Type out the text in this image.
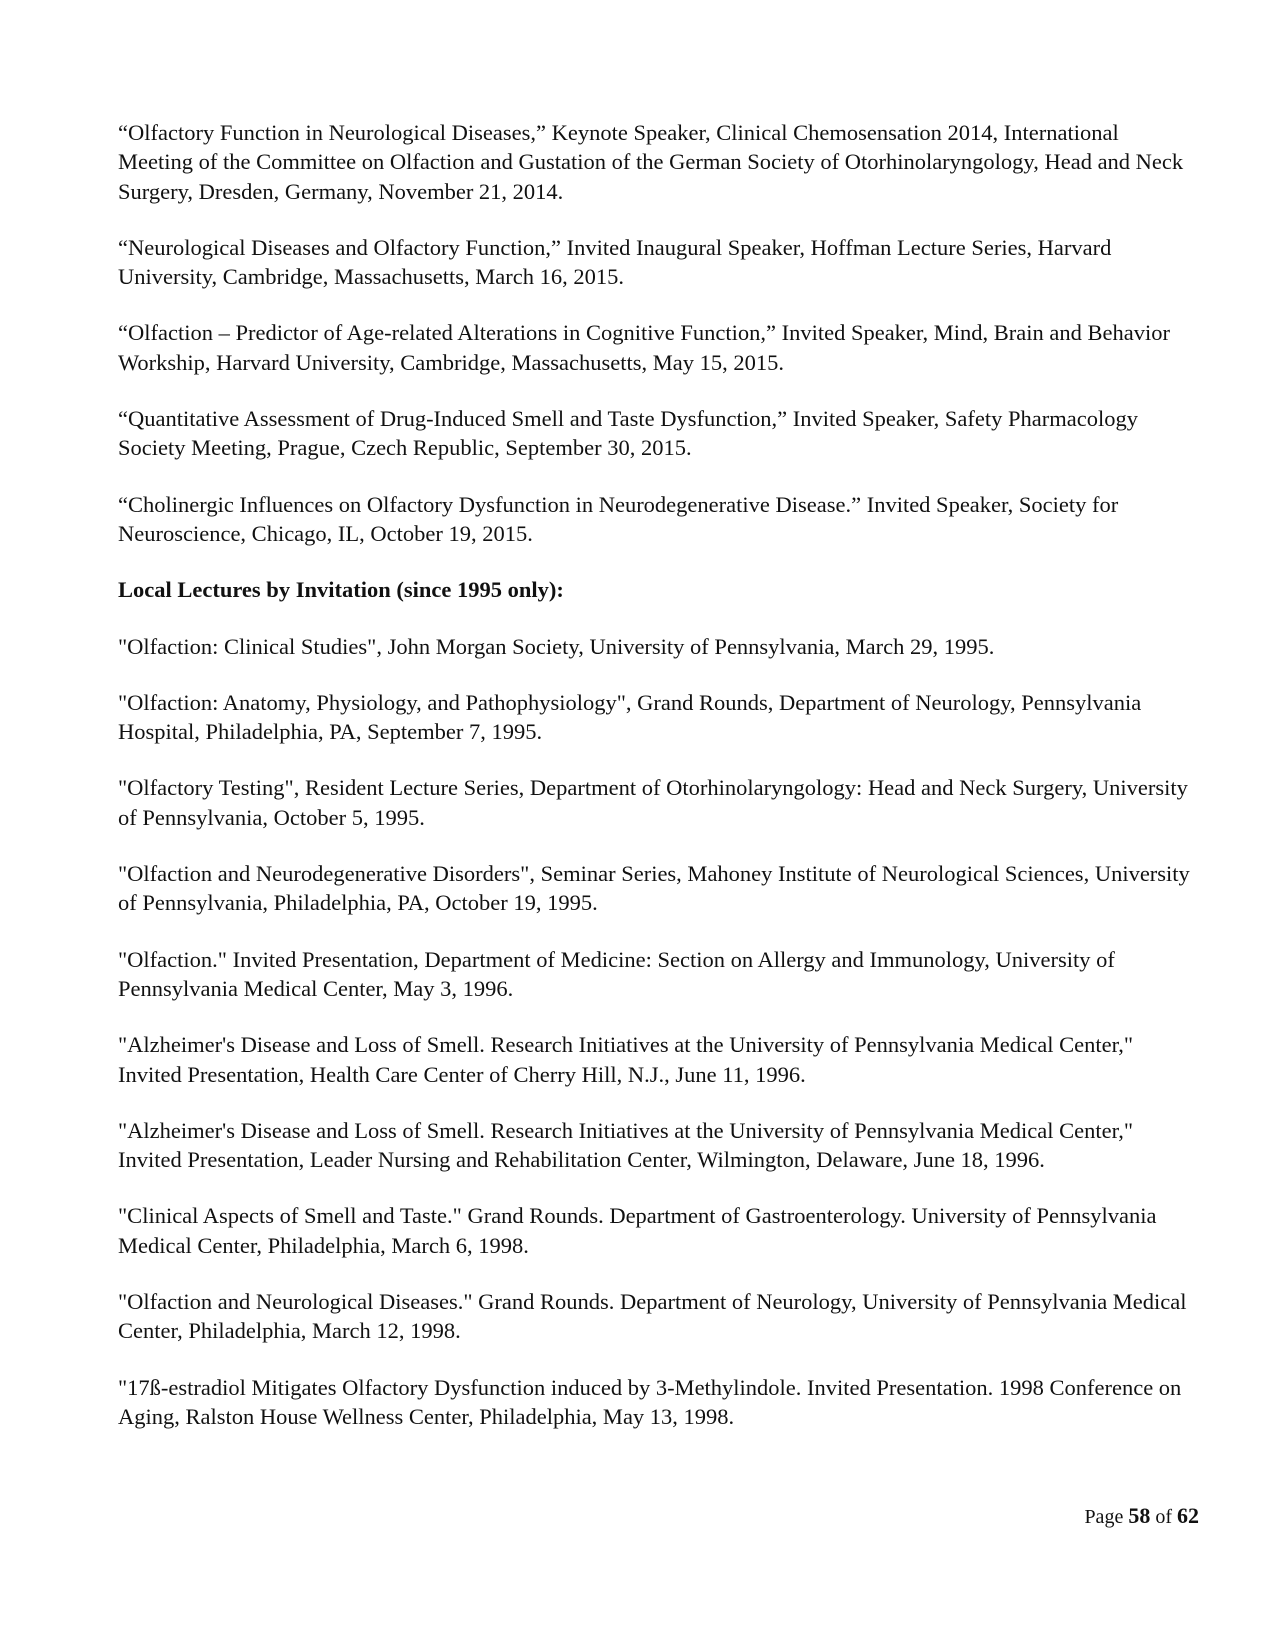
“Olfactory Function in Neurological Diseases,” Keynote Speaker, Clinical Chemosensation 2014, International Meeting of the Committee on Olfaction and Gustation of the German Society of Otorhinolaryngology, Head and Neck Surgery, Dresden, Germany, November 21, 2014.

“Neurological Diseases and Olfactory Function,” Invited Inaugural Speaker, Hoffman Lecture Series, Harvard University, Cambridge, Massachusetts, March 16, 2015.

“Olfaction – Predictor of Age-related Alterations in Cognitive Function,” Invited Speaker, Mind, Brain and Behavior Workship, Harvard University, Cambridge, Massachusetts, May 15, 2015.

“Quantitative Assessment of Drug-Induced Smell and Taste Dysfunction,” Invited Speaker, Safety Pharmacology Society Meeting, Prague, Czech Republic, September 30, 2015.

“Cholinergic Influences on Olfactory Dysfunction in Neurodegenerative Disease.” Invited Speaker, Society for Neuroscience, Chicago, IL, October 19, 2015.

Local Lectures by Invitation (since 1995 only):

"Olfaction: Clinical Studies", John Morgan Society, University of Pennsylvania, March 29, 1995.

"Olfaction: Anatomy, Physiology, and Pathophysiology", Grand Rounds, Department of Neurology, Pennsylvania Hospital, Philadelphia, PA, September 7, 1995.

"Olfactory Testing", Resident Lecture Series, Department of Otorhinolaryngology: Head and Neck Surgery, University of Pennsylvania, October 5, 1995.

"Olfaction and Neurodegenerative Disorders", Seminar Series, Mahoney Institute of Neurological Sciences, University of Pennsylvania, Philadelphia, PA, October 19, 1995.

"Olfaction." Invited Presentation, Department of Medicine: Section on Allergy and Immunology, University of Pennsylvania Medical Center, May 3, 1996.

"Alzheimer's Disease and Loss of Smell. Research Initiatives at the University of Pennsylvania Medical Center," Invited Presentation, Health Care Center of Cherry Hill, N.J., June 11, 1996.

"Alzheimer's Disease and Loss of Smell. Research Initiatives at the University of Pennsylvania Medical Center," Invited Presentation, Leader Nursing and Rehabilitation Center, Wilmington, Delaware, June 18, 1996.

"Clinical Aspects of Smell and Taste." Grand Rounds. Department of Gastroenterology. University of Pennsylvania Medical Center, Philadelphia, March 6, 1998.

"Olfaction and Neurological Diseases." Grand Rounds. Department of Neurology, University of Pennsylvania Medical Center, Philadelphia, March 12, 1998.

"17ß-estradiol Mitigates Olfactory Dysfunction induced by 3-Methylindole. Invited Presentation. 1998 Conference on Aging, Ralston House Wellness Center, Philadelphia, May 13, 1998.

Page 58 of 62
